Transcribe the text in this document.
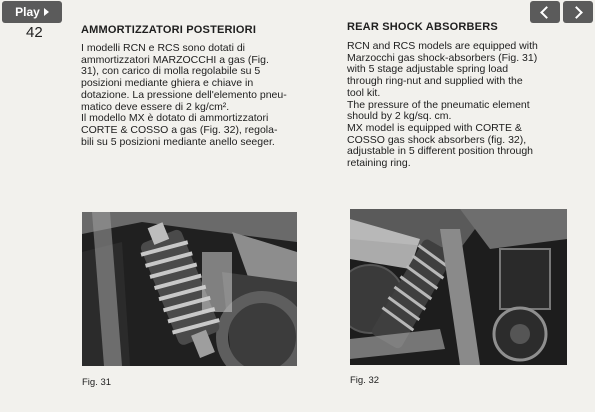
Play
42	AMMORTIZZATORI POSTERIORI

I modelli RCN e RCS sono dotati di

ammortizzatori MARZOCCHI a gas (Fig.

31), con carico di molla regolabile su 5

posizioni mediante ghiera e chiave in

dotazione. La pressione dell'elemento pneu-

matico deve essere di 2 kg/cm².

Il modello MX è dotato di ammortizzatori

CORTE & COSSO a gas (Fig. 32), regola-

bili su 5 posizioni mediante anello seeger.

REAR SHOCK ABSORBERS

RCN and RCS models are equipped with

Marzocchi gas shock-absorbers (Fig. 31)

with 5 stage adjustable spring load

through ring-nut and supplied with the

tool kit.

The pressure of the pneumatic element

should by 2 kg/sq. cm.

MX model is equipped with CORTE &

COSSO gas shock absorbers (fig. 32),

adjustable in 5 different position through

retaining ring.

Fig. 31	Fig. 32
